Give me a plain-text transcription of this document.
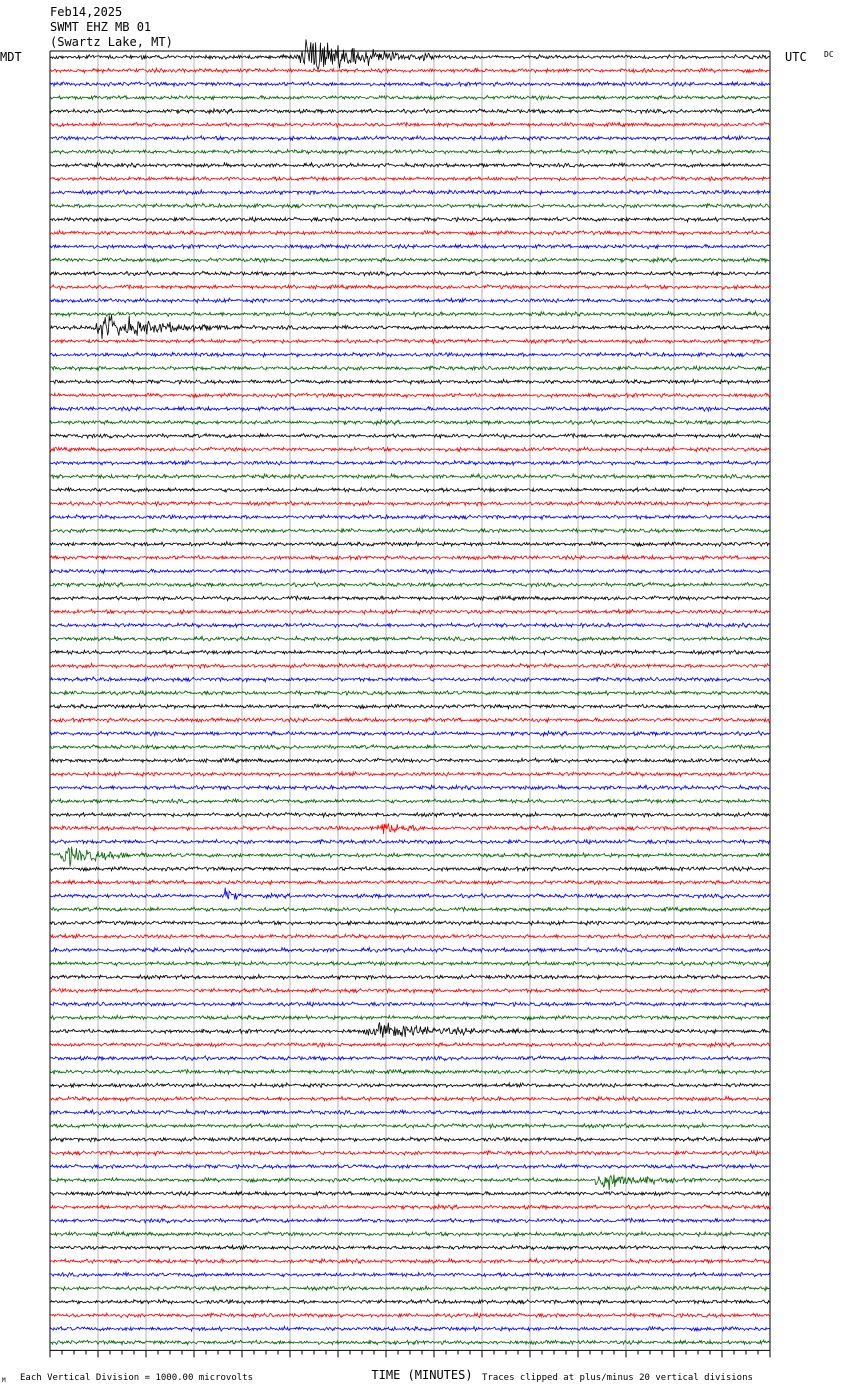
Feb14,2025
SWMT EHZ MB 01
(Swartz Lake, MT)
MDT	UTC DC
TIME (MINUTES)
Each Vertical Division = 1000.00 microvolts	Traces clipped at plus/minus 20 vertical divisions
M
